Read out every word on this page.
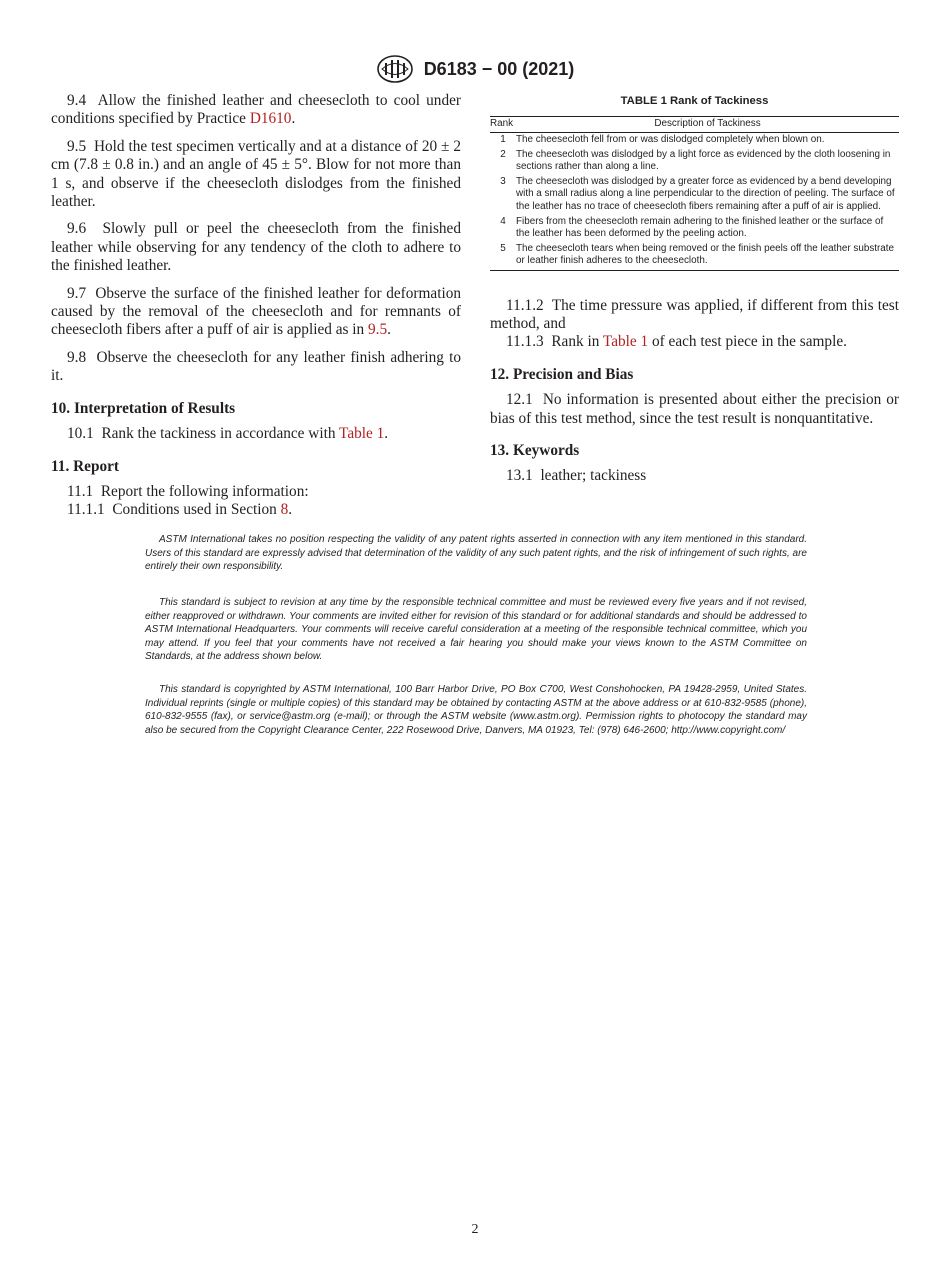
D6183 − 00 (2021)

9.4 Allow the finished leather and cheesecloth to cool under conditions specified by Practice D1610.

9.5 Hold the test specimen vertically and at a distance of 20 ± 2 cm (7.8 ± 0.8 in.) and an angle of 45 ± 5°. Blow for not more than 1 s, and observe if the cheesecloth dislodges from the finished leather.

9.6 Slowly pull or peel the cheesecloth from the finished leather while observing for any tendency of the cloth to adhere to the finished leather.

9.7 Observe the surface of the finished leather for deformation caused by the removal of the cheesecloth and for remnants of cheesecloth fibers after a puff of air is applied as in 9.5.

9.8 Observe the cheesecloth for any leather finish adhering to it.

10. Interpretation of Results

10.1 Rank the tackiness in accordance with Table 1.

11. Report

11.1 Report the following information:

11.1.1 Conditions used in Section 8.

TABLE 1 Rank of Tackiness
Rank	Description of Tackiness
1	The cheesecloth fell from or was dislodged completely when blown on.
2	The cheesecloth was dislodged by a light force as evidenced by the cloth loosening in sections rather than along a line.
3	The cheesecloth was dislodged by a greater force as evidenced by a bend developing with a small radius along a line perpendicular to the direction of peeling. The surface of the leather has no trace of cheesecloth fibers remaining after a puff of air is applied.
4	Fibers from the cheesecloth remain adhering to the finished leather or the surface of the leather has been deformed by the peeling action.
5	The cheesecloth tears when being removed or the finish peels off the leather substrate or leather finish adheres to the cheesecloth.

11.1.2 The time pressure was applied, if different from this test method, and

11.1.3 Rank in Table 1 of each test piece in the sample.

12. Precision and Bias

12.1 No information is presented about either the precision or bias of this test method, since the test result is nonquantitative.

13. Keywords

13.1 leather; tackiness

ASTM International takes no position respecting the validity of any patent rights asserted in connection with any item mentioned in this standard. Users of this standard are expressly advised that determination of the validity of any such patent rights, and the risk of infringement of such rights, are entirely their own responsibility.

This standard is subject to revision at any time by the responsible technical committee and must be reviewed every five years and if not revised, either reapproved or withdrawn. Your comments are invited either for revision of this standard or for additional standards and should be addressed to ASTM International Headquarters. Your comments will receive careful consideration at a meeting of the responsible technical committee, which you may attend. If you feel that your comments have not received a fair hearing you should make your views known to the ASTM Committee on Standards, at the address shown below.

This standard is copyrighted by ASTM International, 100 Barr Harbor Drive, PO Box C700, West Conshohocken, PA 19428-2959, United States. Individual reprints (single or multiple copies) of this standard may be obtained by contacting ASTM at the above address or at 610-832-9585 (phone), 610-832-9555 (fax), or service@astm.org (e-mail); or through the ASTM website (www.astm.org). Permission rights to photocopy the standard may also be secured from the Copyright Clearance Center, 222 Rosewood Drive, Danvers, MA 01923, Tel: (978) 646-2600; http://www.copyright.com/

2
